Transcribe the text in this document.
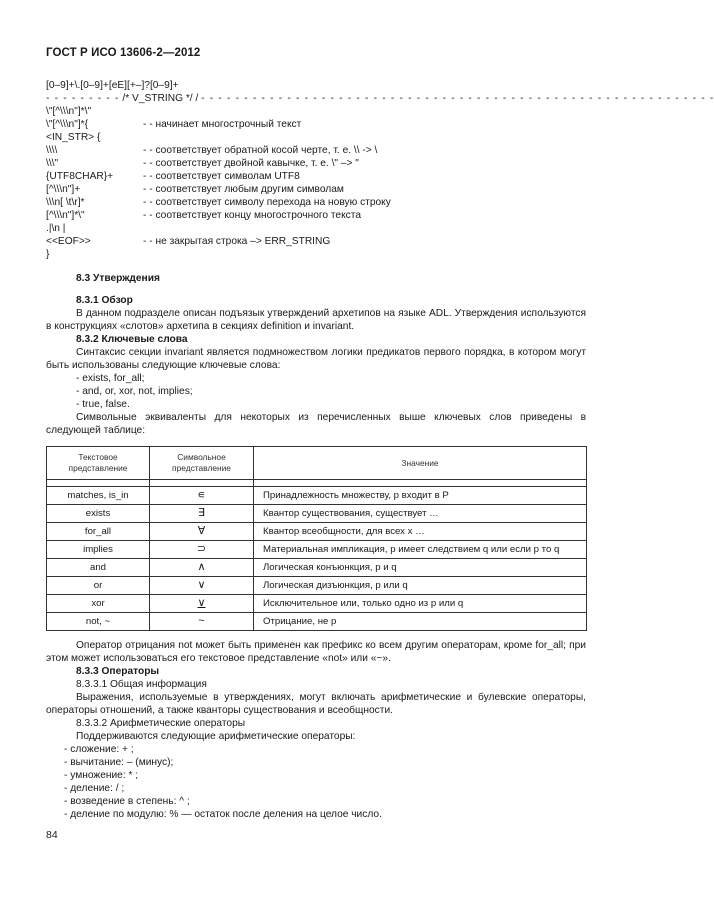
ГОСТ Р ИСО 13606-2—2012
[0–9]+\.[0–9]+[eE][+–]?[0–9]+
- - - - - - - - - /* V_STRING */ / - - - - - - - - - - - - - - - - - - - - - - - - - - - - - - - - - - - - - - - - - - - - - - - - - - - - - - - - - - - -
\"[^\\\n"]*\"
\"[^\\\n"]*{	- - начинает многострочный текст
<IN_STR> {
\\\\	- - соответствует обратной косой черте, т. е. \\ -> \
\\\"	- - соответствует двойной кавычке, т. е. \" –> "
{UTF8CHAR}+	- - соответствует символам UTF8
[^\\\n"]+	- - соответствует любым другим символам
\\\n[ \t\r]*	- - соответствует символу перехода на новую строку
[^\\\n"]*\"	- - соответствует концу многострочного текста
.|\n |
<<EOF>>	- - не закрытая строка –> ERR_STRING
}

8.3 Утверждения

8.3.1 Обзор

В данном подразделе описан подъязык утверждений архетипов на языке ADL. Утверждения используются в конструкциях «слотов» архетипа в секциях definition и invariant.

8.3.2 Ключевые слова

Синтаксис секции invariant является подмножеством логики предикатов первого порядка, в котором могут быть использованы следующие ключевые слова:

- exists, for_all;

- and, or, xor, not, implies;

- true, false.

Символьные эквиваленты для некоторых из перечисленных выше ключевых слов приведены в следующей таблице:

Текстовое представление	Символьное представление	Значение

matches, is_in	∊	Принадлежность множеству, p входит в P
exists	∃	Квантор существования, существует …
for_all	∀	Квантор всеобщности, для всех x …
implies	⊃	Материальная импликация, p имеет следствием q или если p то q
and	∧	Логическая конъюнкция, p и q
or	∨	Логическая дизъюнкция, p или q
xor	∨	Исключительное или, только одно из p или q
not, ~	~	Отрицание, не p

Оператор отрицания not может быть применен как префикс ко всем другим операторам, кроме for_all; при этом может использоваться его текстовое представление «not» или «~».

8.3.3 Операторы

8.3.3.1 Общая информация

Выражения, используемые в утверждениях, могут включать арифметические и булевские операторы, операторы отношений, а также кванторы существования и всеобщности.

8.3.3.2 Арифметические операторы

Поддерживаются следующие арифметические операторы:

- сложение: + ;

- вычитание: – (минус);

- умножение: * ;

- деление: / ;

- возведение в степень: ^ ;

- деление по модулю: % — остаток после деления на целое число.

84
